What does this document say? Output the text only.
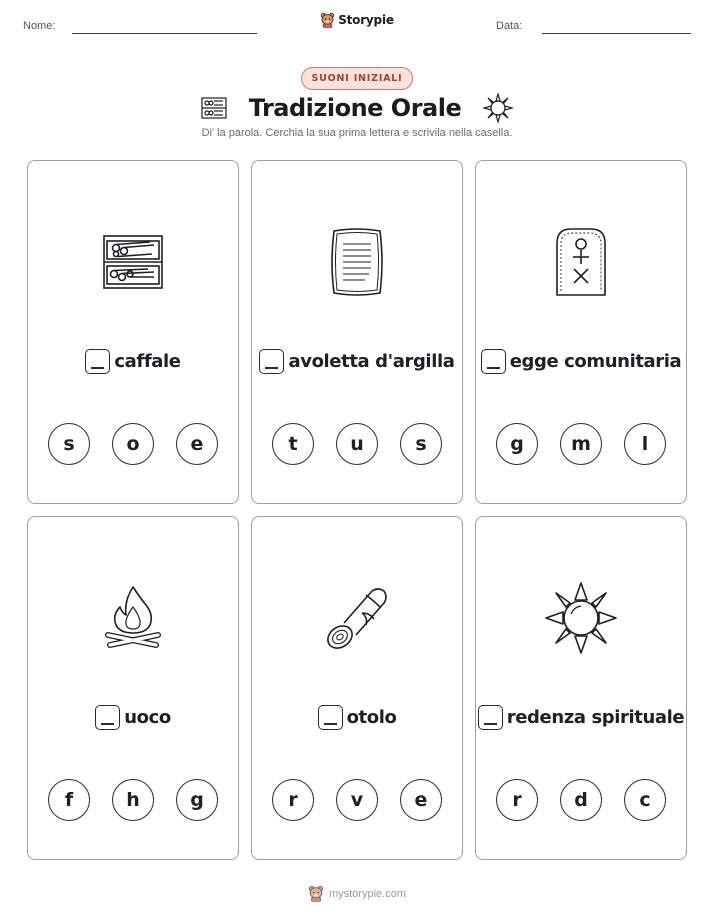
Nome:	Data:
Storypie
SUONI INIZIALI
Tradizione Orale
Di' la parola. Cerchia la sua prima lettera e scrivila nella casella.
caffale
s	o	e
avoletta d'argilla
t	u	s
egge comunitaria
g	m	l
uoco
f	h	g
otolo
r	v	e
redenza spirituale
r	d	c
mystorypie.com
